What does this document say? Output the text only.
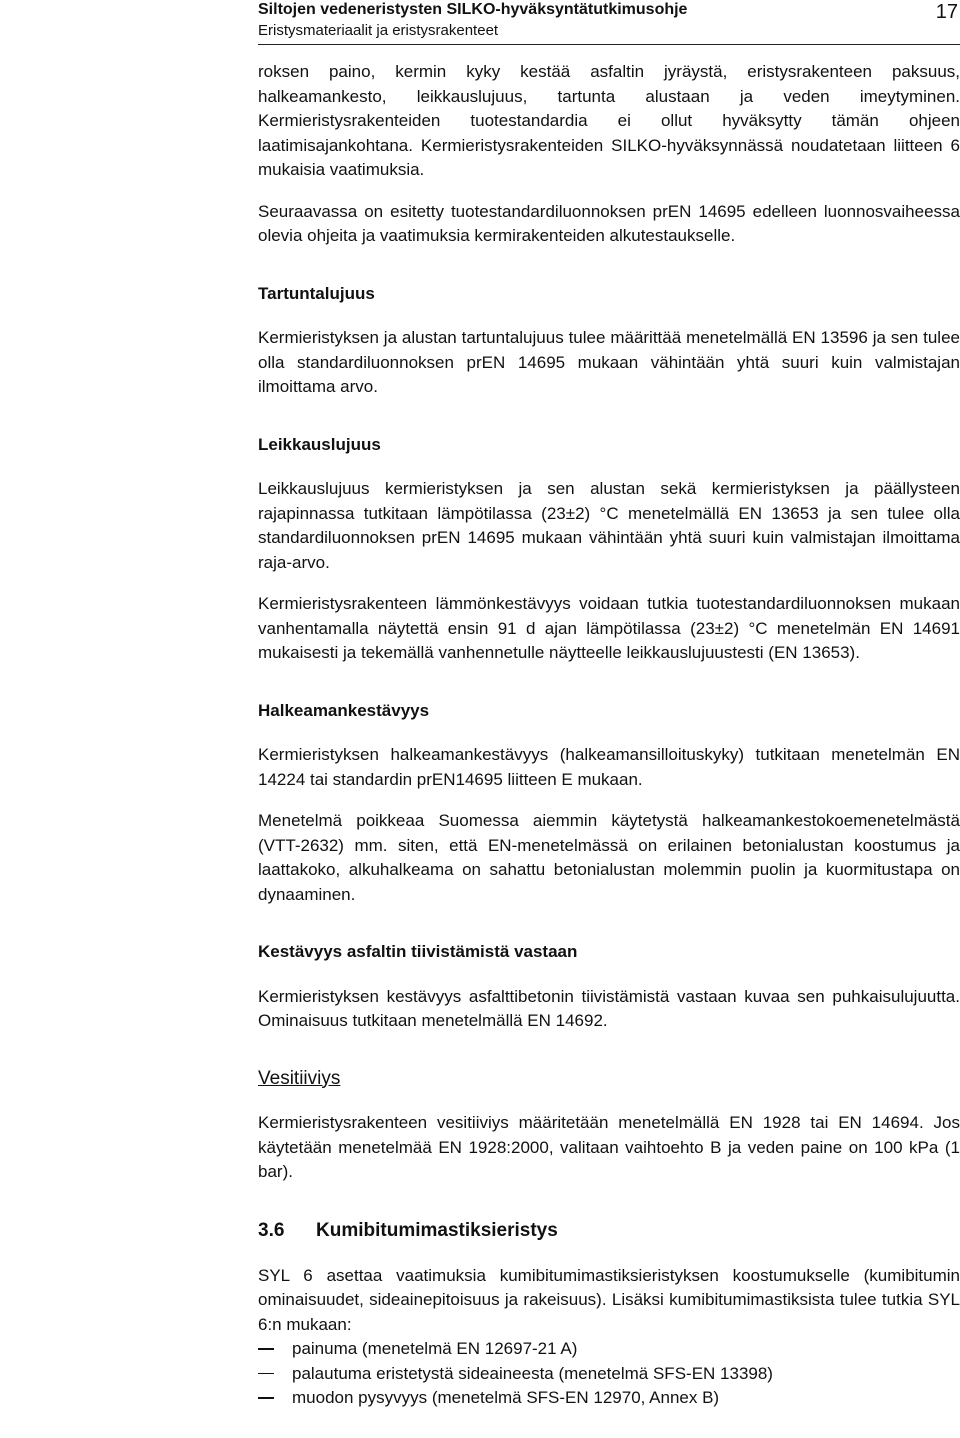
Siltojen vedeneristysten SILKO-hyväksyntätutkimusohje
Eristysmateriaalit ja eristysrakenteet
17

roksen paino, kermin kyky kestää asfaltin jyräystä, eristysrakenteen paksuus, halkeamankesto, leikkauslujuus, tartunta alustaan ja veden imeytyminen. Kermieristysrakenteiden tuotestandardia ei ollut hyväksytty tämän ohjeen laatimisajankohtana. Kermieristysrakenteiden SILKO-hyväksynnässä noudatetaan liitteen 6 mukaisia vaatimuksia.

Seuraavassa on esitetty tuotestandardiluonnoksen prEN 14695 edelleen luonnosvaiheessa olevia ohjeita ja vaatimuksia kermirakenteiden alkutestaukselle.

Tartuntalujuus

Kermieristyksen ja alustan tartuntalujuus tulee määrittää menetelmällä EN 13596 ja sen tulee olla standardiluonnoksen prEN 14695 mukaan vähintään yhtä suuri kuin valmistajan ilmoittama arvo.

Leikkauslujuus

Leikkauslujuus kermieristyksen ja sen alustan sekä kermieristyksen ja päällysteen rajapinnassa tutkitaan lämpötilassa (23±2) °C menetelmällä EN 13653 ja sen tulee olla standardiluonnoksen prEN 14695 mukaan vähintään yhtä suuri kuin valmistajan ilmoittama raja-arvo.

Kermieristysrakenteen lämmönkestävyys voidaan tutkia tuotestandardiluonnoksen mukaan vanhentamalla näytettä ensin 91 d ajan lämpötilassa (23±2) °C menetelmän EN 14691 mukaisesti ja tekemällä vanhennetulle näytteelle leikkauslujuustesti (EN 13653).

Halkeamankestävyys

Kermieristyksen halkeamankestävyys (halkeamansilloituskyky) tutkitaan menetelmän EN 14224 tai standardin prEN14695 liitteen E mukaan.

Menetelmä poikkeaa Suomessa aiemmin käytetystä halkeamankestokoemenetelmästä (VTT-2632) mm. siten, että EN-menetelmässä on erilainen betonialustan koostumus ja laattakoko, alkuhalkeama on sahattu betonialustan molemmin puolin ja kuormitustapa on dynaaminen.

Kestävyys asfaltin tiivistämistä vastaan

Kermieristyksen kestävyys asfalttibetonin tiivistämistä vastaan kuvaa sen puhkaisulujuutta. Ominaisuus tutkitaan menetelmällä EN 14692.

Vesitiiviys

Kermieristysrakenteen vesitiiviys määritetään menetelmällä EN 1928 tai EN 14694. Jos käytetään menetelmää EN 1928:2000, valitaan vaihtoehto B ja veden paine on 100 kPa (1 bar).

3.6 Kumibitumimastiksieristys

SYL 6 asettaa vaatimuksia kumibitumimastiksieristyksen koostumukselle (kumibitumin ominaisuudet, sideainepitoisuus ja rakeisuus). Lisäksi kumibitumimastiksista tulee tutkia SYL 6:n mukaan:

painuma (menetelmä EN 12697-21 A)
palautuma eristetystä sideaineesta (menetelmä SFS-EN 13398)
muodon pysyvyys (menetelmä SFS-EN 12970, Annex B)
